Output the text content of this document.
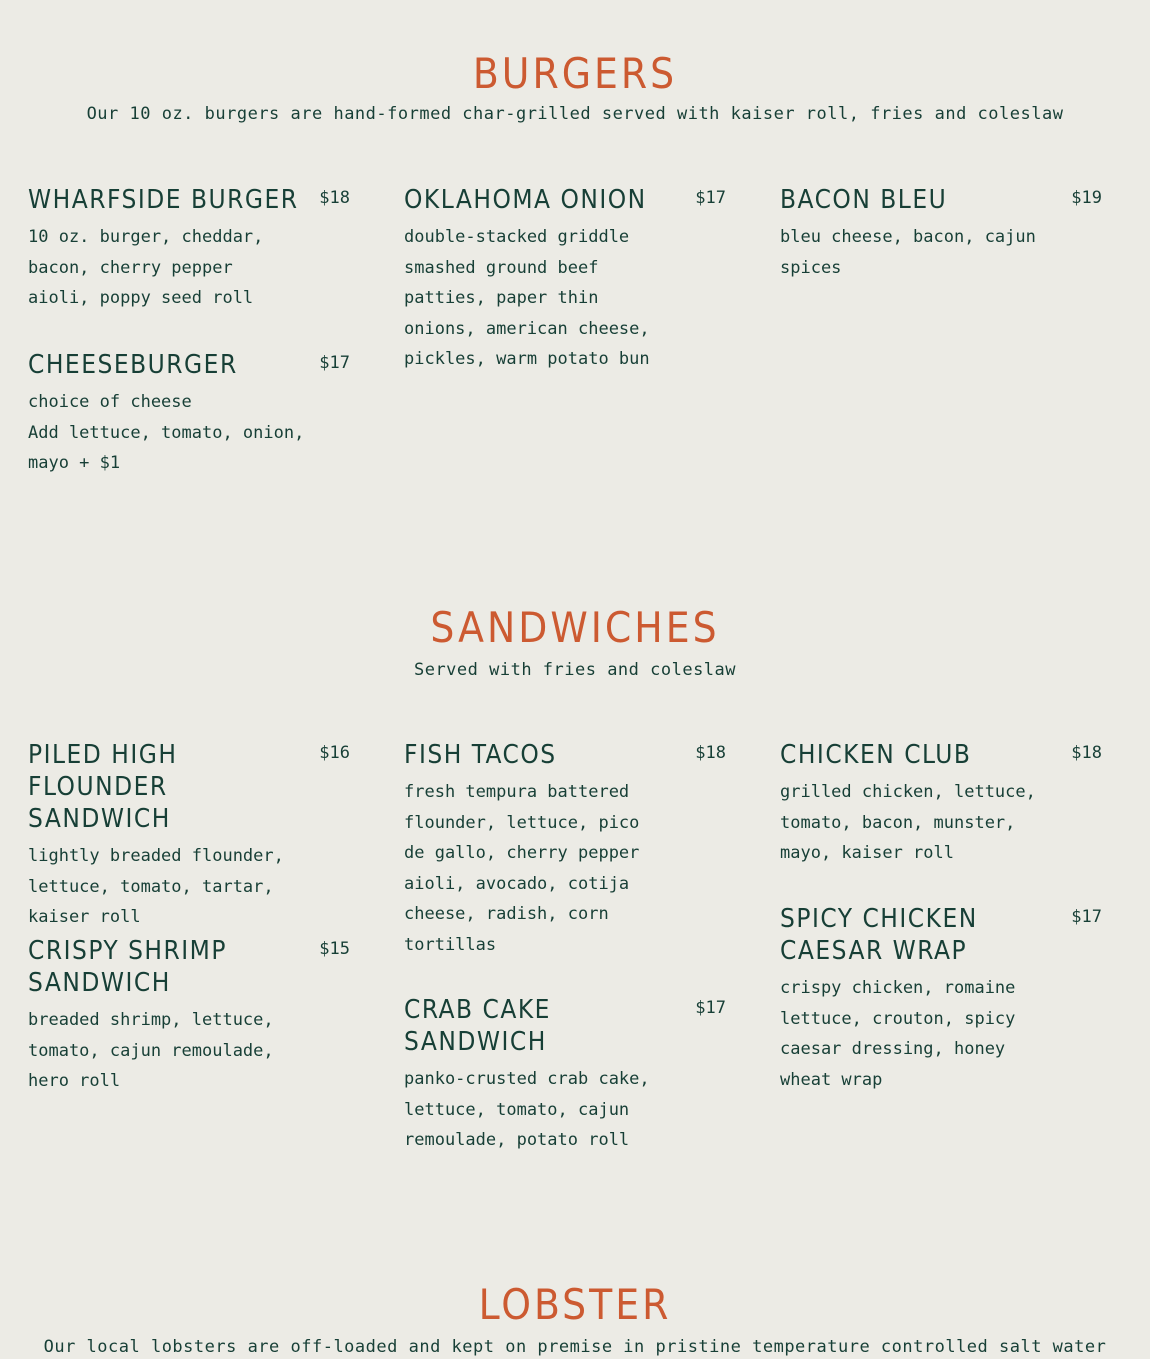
BURGERS

Our 10 oz. burgers are hand-formed char-grilled served with kaiser roll, fries and coleslaw

WHARFSIDE BURGER	$18

10 oz. burger, cheddar,
bacon, cherry pepper
aioli, poppy seed roll

CHEESEBURGER	$17

choice of cheese
Add lettuce, tomato, onion,
mayo + $1

OKLAHOMA ONION	$17

double-stacked griddle
smashed ground beef
patties, paper thin
onions, american cheese,
pickles, warm potato bun

BACON BLEU	$19

bleu cheese, bacon, cajun
spices

SANDWICHES

Served with fries and coleslaw

PILED HIGH FLOUNDER SANDWICH
$16

lightly breaded flounder,
lettuce, tomato, tartar,
kaiser roll

CRISPY SHRIMP SANDWICH
$15

breaded shrimp, lettuce,
tomato, cajun remoulade,
hero roll

FISH TACOS	$18

fresh tempura battered
flounder, lettuce, pico
de gallo, cherry pepper
aioli, avocado, cotija
cheese, radish, corn
tortillas

CRAB CAKE SANDWICH
$17

panko-crusted crab cake,
lettuce, tomato, cajun
remoulade, potato roll

CHICKEN CLUB	$18

grilled chicken, lettuce,
tomato, bacon, munster,
mayo, kaiser roll

SPICY CHICKEN CAESAR WRAP
$17

crispy chicken, romaine
lettuce, crouton, spicy
caesar dressing, honey
wheat wrap

LOBSTER

Our local lobsters are off-loaded and kept on premise in pristine temperature controlled salt water
